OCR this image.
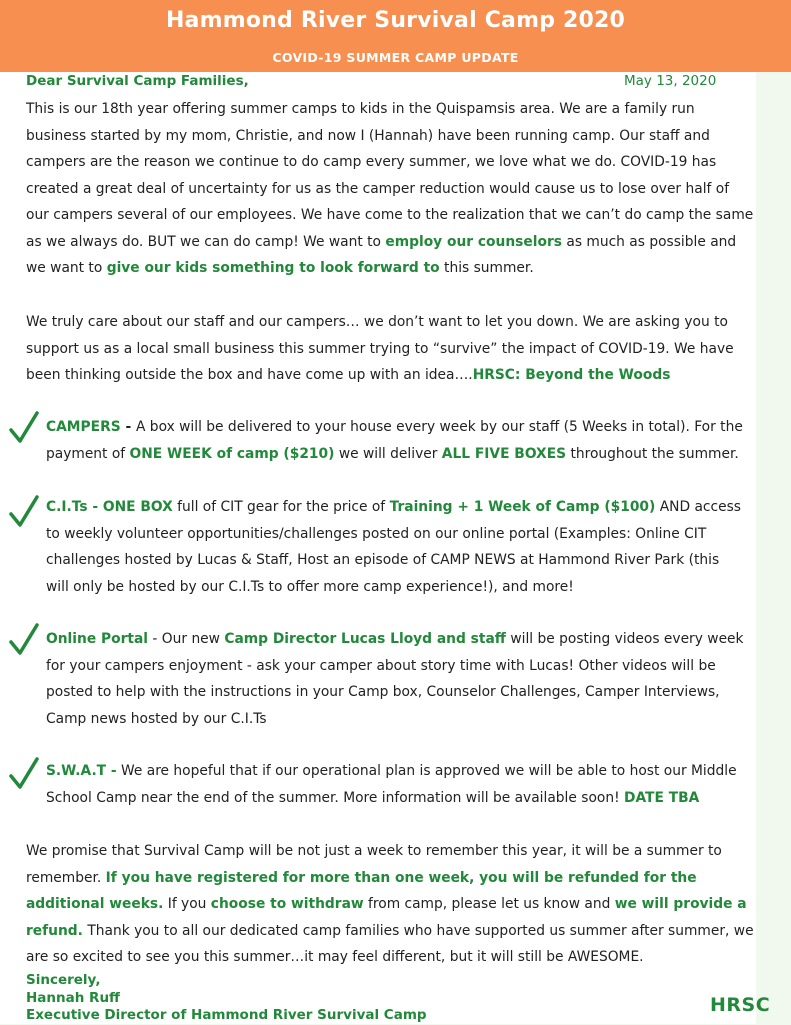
Hammond River Survival Camp 2020
COVID-19 SUMMER CAMP UPDATE
Dear Survival Camp Families,	May 13, 2020
This is our 18th year offering summer camps to kids in the Quispamsis area. We are a family run business started by my mom, Christie, and now I (Hannah) have been running camp. Our staff and campers are the reason we continue to do camp every summer, we love what we do. COVID-19 has created a great deal of uncertainty for us as the camper reduction would cause us to lose over half of our campers several of our employees. We have come to the realization that we can’t do camp the same as we always do. BUT we can do camp! We want to employ our counselors as much as possible and we want to give our kids something to look forward to this summer.
We truly care about our staff and our campers… we don’t want to let you down. We are asking you to support us as a local small business this summer trying to “survive” the impact of COVID-19. We have been thinking outside the box and have come up with an idea….HRSC: Beyond the Woods
CAMPERS - A box will be delivered to your house every week by our staff (5 Weeks in total). For the payment of ONE WEEK of camp ($210) we will deliver ALL FIVE BOXES throughout the summer.
C.I.Ts - ONE BOX full of CIT gear for the price of Training + 1 Week of Camp ($100) AND access to weekly volunteer opportunities/challenges posted on our online portal (Examples: Online CIT challenges hosted by Lucas & Staff, Host an episode of CAMP NEWS at Hammond River Park (this will only be hosted by our C.I.Ts to offer more camp experience!), and more!
Online Portal - Our new Camp Director Lucas Lloyd and staff will be posting videos every week for your campers enjoyment - ask your camper about story time with Lucas! Other videos will be posted to help with the instructions in your Camp box, Counselor Challenges, Camper Interviews, Camp news hosted by our C.I.Ts
S.W.A.T - We are hopeful that if our operational plan is approved we will be able to host our Middle School Camp near the end of the summer. More information will be available soon! DATE TBA
We promise that Survival Camp will be not just a week to remember this year, it will be a summer to remember. If you have registered for more than one week, you will be refunded for the additional weeks. If you choose to withdraw from camp, please let us know and we will provide a refund. Thank you to all our dedicated camp families who have supported us summer after summer, we are so excited to see you this summer…it may feel different, but it will still be AWESOME.
Sincerely,
Hannah Ruff
Executive Director of Hammond River Survival Camp	HRSC
